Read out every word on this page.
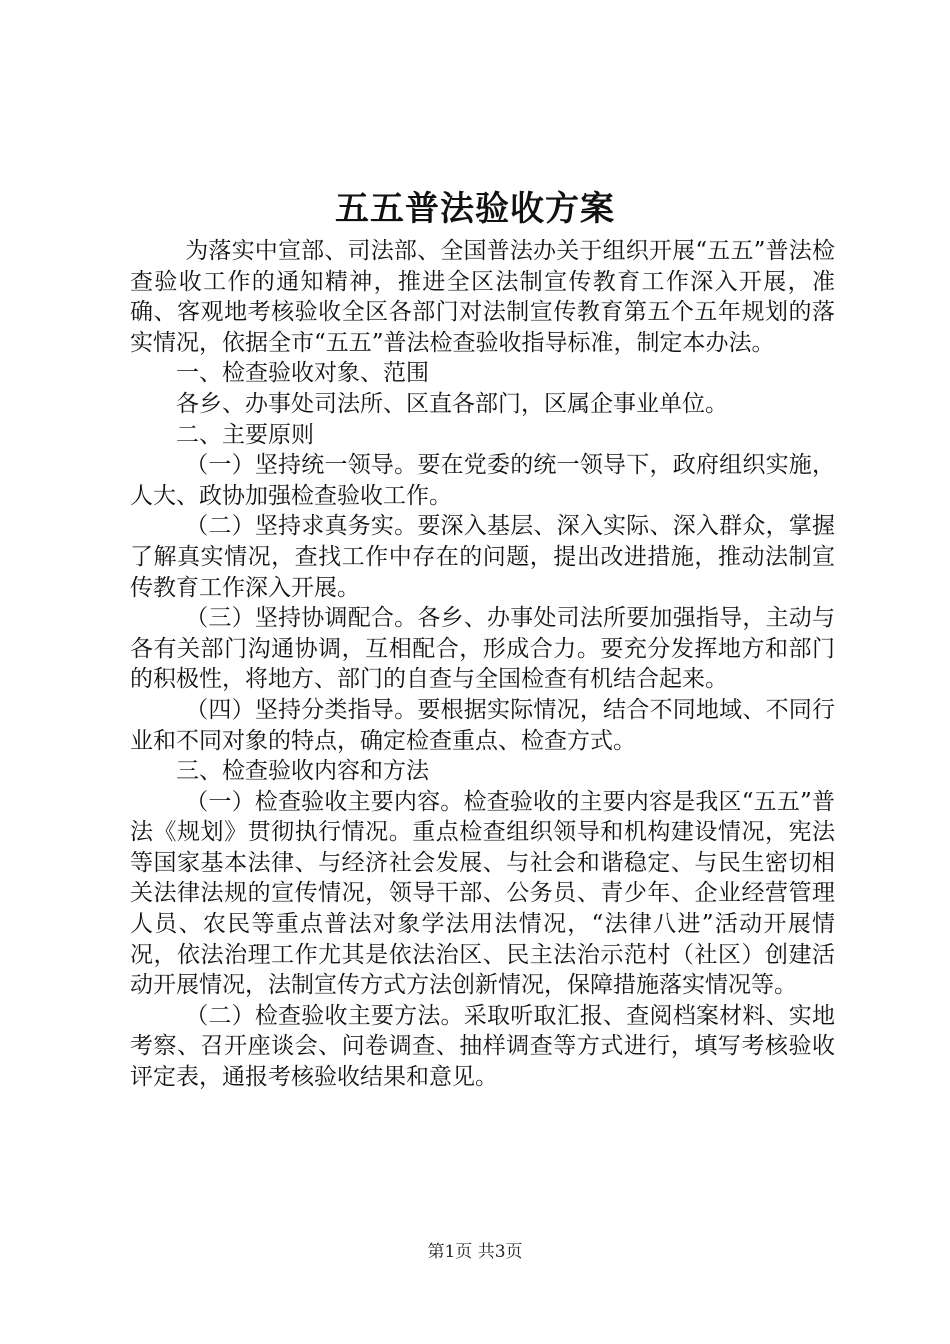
五五普法验收方案

为落实中宣部、司法部、全国普法办关于组织开展“五五”普法检查验收工作的通知精神，推进全区法制宣传教育工作深入开展，准确、客观地考核验收全区各部门对法制宣传教育第五个五年规划的落实情况，依据全市“五五”普法检查验收指导标准，制定本办法。

一、检查验收对象、范围

各乡、办事处司法所、区直各部门，区属企事业单位。

二、主要原则

（一）坚持统一领导。要在党委的统一领导下，政府组织实施，人大、政协加强检查验收工作。

（二）坚持求真务实。要深入基层、深入实际、深入群众，掌握了解真实情况，查找工作中存在的问题，提出改进措施，推动法制宣传教育工作深入开展。

（三）坚持协调配合。各乡、办事处司法所要加强指导，主动与各有关部门沟通协调，互相配合，形成合力。要充分发挥地方和部门的积极性，将地方、部门的自查与全国检查有机结合起来。

（四）坚持分类指导。要根据实际情况，结合不同地域、不同行业和不同对象的特点，确定检查重点、检查方式。

三、检查验收内容和方法

（一）检查验收主要内容。检查验收的主要内容是我区“五五”普法《规划》贯彻执行情况。重点检查组织领导和机构建设情况，宪法等国家基本法律、与经济社会发展、与社会和谐稳定、与民生密切相关法律法规的宣传情况，领导干部、公务员、青少年、企业经营管理人员、农民等重点普法对象学法用法情况，“法律八进”活动开展情况，依法治理工作尤其是依法治区、民主法治示范村（社区）创建活动开展情况，法制宣传方式方法创新情况，保障措施落实情况等。

（二）检查验收主要方法。采取听取汇报、查阅档案材料、实地考察、召开座谈会、问卷调查、抽样调查等方式进行，填写考核验收评定表，通报考核验收结果和意见。

第1页 共3页
